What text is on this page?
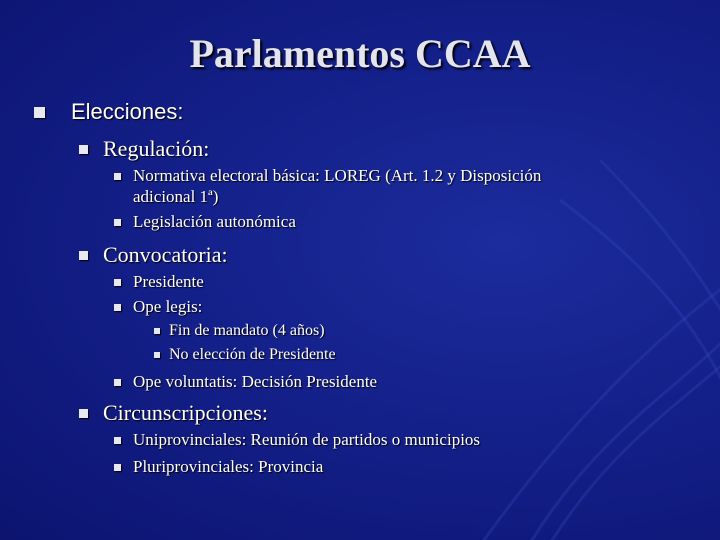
Parlamentos CCAA
Elecciones:
Regulación:
Normativa electoral básica: LOREG (Art. 1.2 y Disposición
adicional 1ª)
Legislación autonómica
Convocatoria:
Presidente
Ope legis:
Fin de mandato (4 años)
No elección de Presidente
Ope voluntatis: Decisión Presidente
Circunscripciones:
Uniprovinciales: Reunión de partidos o municipios
Pluriprovinciales: Provincia
